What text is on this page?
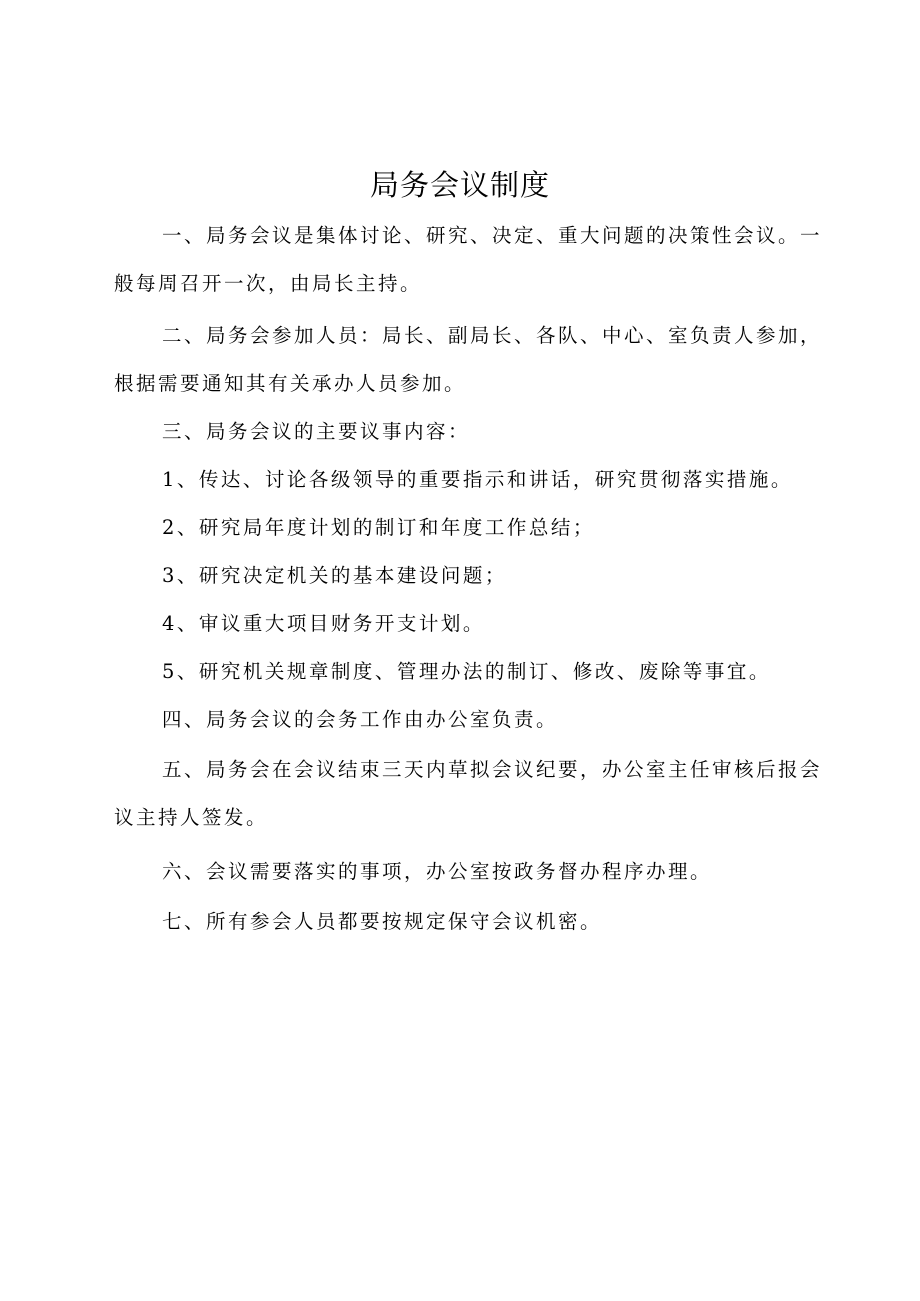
局务会议制度
一、局务会议是集体讨论、研究、决定、重大问题的决策性会议。一
般每周召开一次，由局长主持。
二、局务会参加人员：局长、副局长、各队、中心、室负责人参加，
根据需要通知其有关承办人员参加。
三、局务会议的主要议事内容：
1、传达、讨论各级领导的重要指示和讲话，研究贯彻落实措施。
2、研究局年度计划的制订和年度工作总结；
3、研究决定机关的基本建设问题；
4、审议重大项目财务开支计划。
5、研究机关规章制度、管理办法的制订、修改、废除等事宜。
四、局务会议的会务工作由办公室负责。
五、局务会在会议结束三天内草拟会议纪要，办公室主任审核后报会
议主持人签发。
六、会议需要落实的事项，办公室按政务督办程序办理。
七、所有参会人员都要按规定保守会议机密。
